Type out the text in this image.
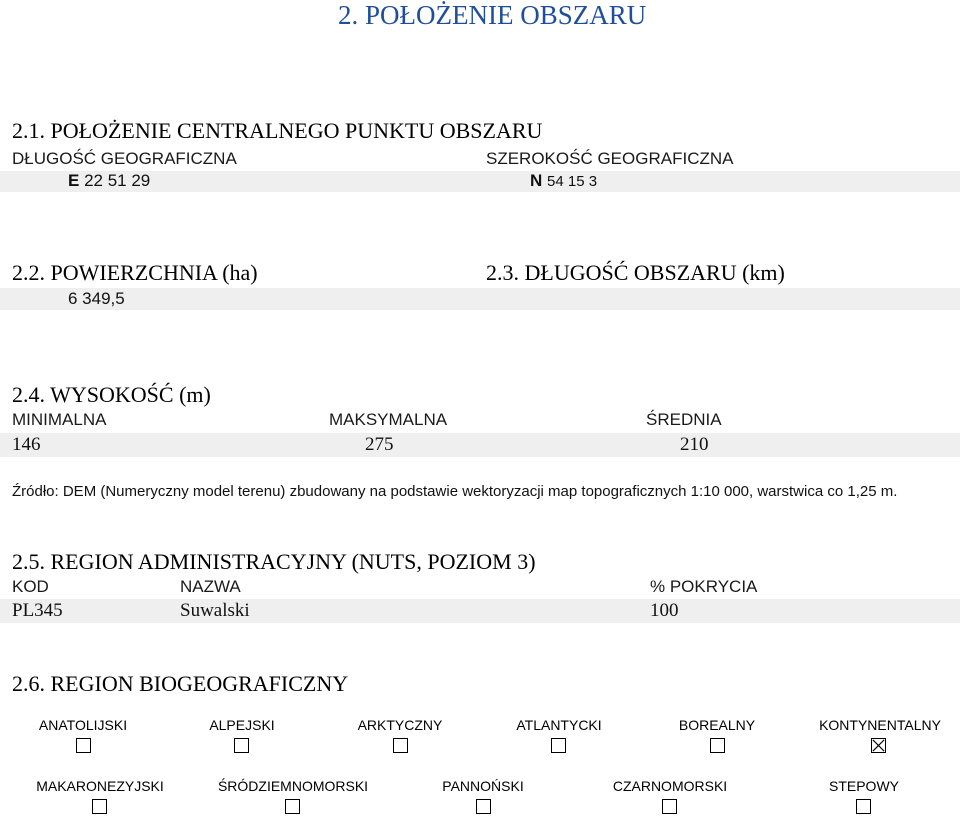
2. POŁOŻENIE OBSZARU
2.1. POŁOŻENIE CENTRALNEGO PUNKTU OBSZARU
DŁUGOŚĆ GEOGRAFICZNA	SZEROKOŚĆ GEOGRAFICZNA
E 22 51 29	N 54 15 3
2.2. POWIERZCHNIA (ha)	2.3. DŁUGOŚĆ OBSZARU (km)
6 349,5
2.4. WYSOKOŚĆ (m)
MINIMALNA	MAKSYMALNA	ŚREDNIA
146	275	210
Źródło: DEM (Numeryczny model terenu) zbudowany na podstawie wektoryzacji map topograficznych 1:10 000, warstwica co 1,25 m.
2.5. REGION ADMINISTRACYJNY (NUTS, POZIOM 3)
KOD	NAZWA	% POKRYCIA
PL345	Suwalski	100
2.6. REGION BIOGEOGRAFICZNY
ANATOLIJSKI	ALPEJSKI	ARKTYCZNY	ATLANTYCKI	BOREALNY	KONTYNENTALNY
MAKARONEZYJSKI	ŚRÓDZIEMNOMORSKI	PANNOŃSKI	CZARNOMORSKI	STEPOWY
